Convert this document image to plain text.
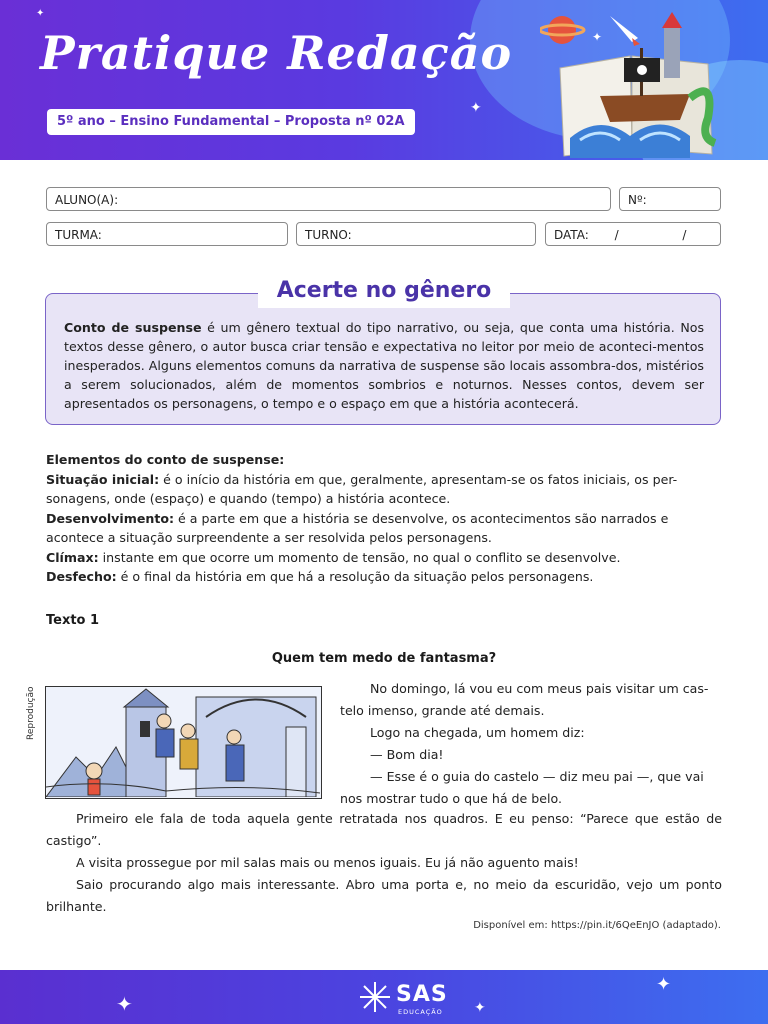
Pratique Redação
5º ano – Ensino Fundamental – Proposta nº 02A
✦
✦
✦
ALUNO(A):	Nº:
TURMA:	TURNO:	DATA: / /
Acerte no gênero
Conto de suspense é um gênero textual do tipo narrativo, ou seja, que conta uma história. Nos textos desse gênero, o autor busca criar tensão e expectativa no leitor por meio de aconteci-mentos inesperados. Alguns elementos comuns da narrativa de suspense são locais assombra-dos, mistérios a serem solucionados, além de momentos sombrios e noturnos. Nesses contos, devem ser apresentados os personagens, o tempo e o espaço em que a história acontecerá.

Elementos do conto de suspense:

Situação inicial: é o início da história em que, geralmente, apresentam-se os fatos iniciais, os per-sonagens, onde (espaço) e quando (tempo) a história acontece.

Desenvolvimento: é a parte em que a história se desenvolve, os acontecimentos são narrados e acontece a situação surpreendente a ser resolvida pelos personagens.

Clímax: instante em que ocorre um momento de tensão, no qual o conflito se desenvolve.

Desfecho: é o final da história em que há a resolução da situação pelos personagens.

Texto 1
Quem tem medo de fantasma?
Reprodução	No domingo, lá vou eu com meus pais visitar um cas-

telo imenso, grande até demais.

Logo na chegada, um homem diz:

— Bom dia!

— Esse é o guia do castelo — diz meu pai —, que vai

nos mostrar tudo o que há de belo.

Primeiro ele fala de toda aquela gente retratada nos quadros. E eu penso: “Parece que estão de castigo”.

A visita prossegue por mil salas mais ou menos iguais. Eu já não aguento mais!

Saio procurando algo mais interessante. Abro uma porta e, no meio da escuridão, vejo um ponto brilhante.

Disponível em: https://pin.it/6QeEnJO (adaptado).
✦	✦
✦
SAS
EDUCAÇÃO
